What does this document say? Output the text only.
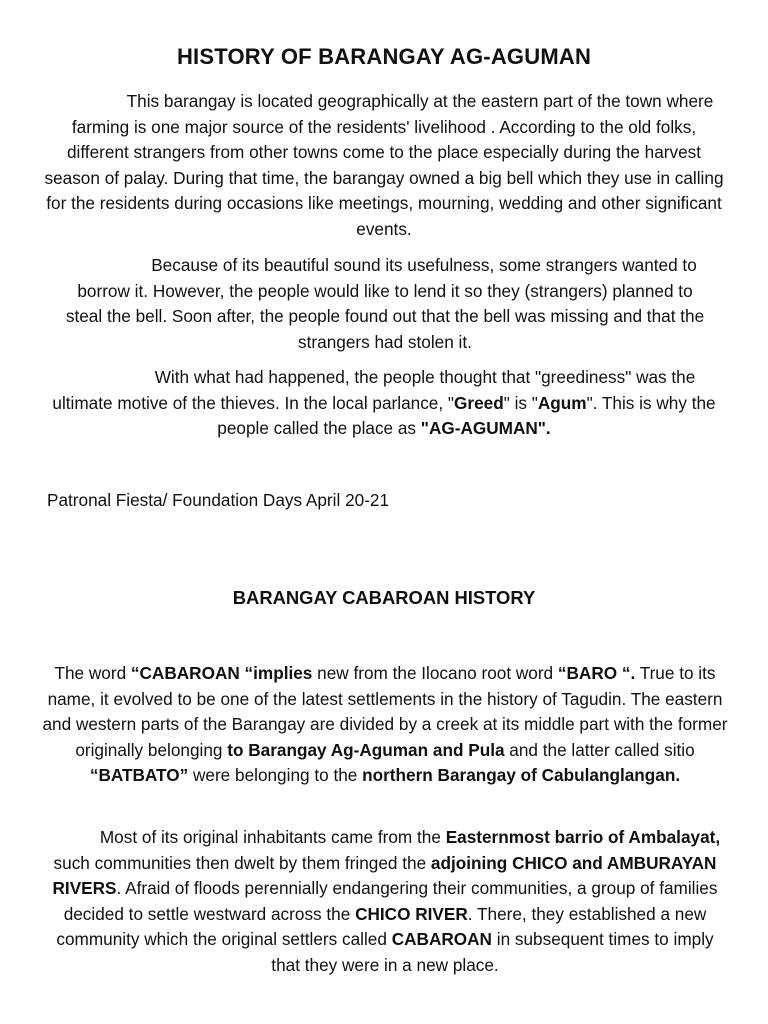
HISTORY OF BARANGAY AG-AGUMAN
This barangay is located geographically at the eastern part of the town where farming is one major source of the residents' livelihood . According to the old folks, different strangers from other towns come to the place especially during the harvest season of palay. During that time, the barangay owned a big bell which they use in calling for the residents during occasions like meetings, mourning, wedding and other significant events.
Because of its beautiful sound its usefulness, some strangers wanted to borrow it. However, the people would like to lend it so they (strangers) planned to steal the bell. Soon after, the people found out that the bell was missing and that the strangers had stolen it.
With what had happened, the people thought that "greediness" was the ultimate motive of the thieves. In the local parlance, "Greed" is "Agum". This is why the people called the place as "AG-AGUMAN".
Patronal Fiesta/ Foundation Days April 20-21
BARANGAY CABAROAN HISTORY
The word “CABAROAN “implies new from the Ilocano root word “BARO “. True to its name, it evolved to be one of the latest settlements in the history of Tagudin. The eastern and western parts of the Barangay are divided by a creek at its middle part with the former originally belonging to Barangay Ag-Aguman and Pula and the latter called sitio “BATBATO” were belonging to the northern Barangay of Cabulanglangan.
Most of its original inhabitants came from the Easternmost barrio of Ambalayat, such communities then dwelt by them fringed the adjoining CHICO and AMBURAYAN RIVERS. Afraid of floods perennially endangering their communities, a group of families decided to settle westward across the CHICO RIVER. There, they established a new community which the original settlers called CABAROAN in subsequent times to imply that they were in a new place.
